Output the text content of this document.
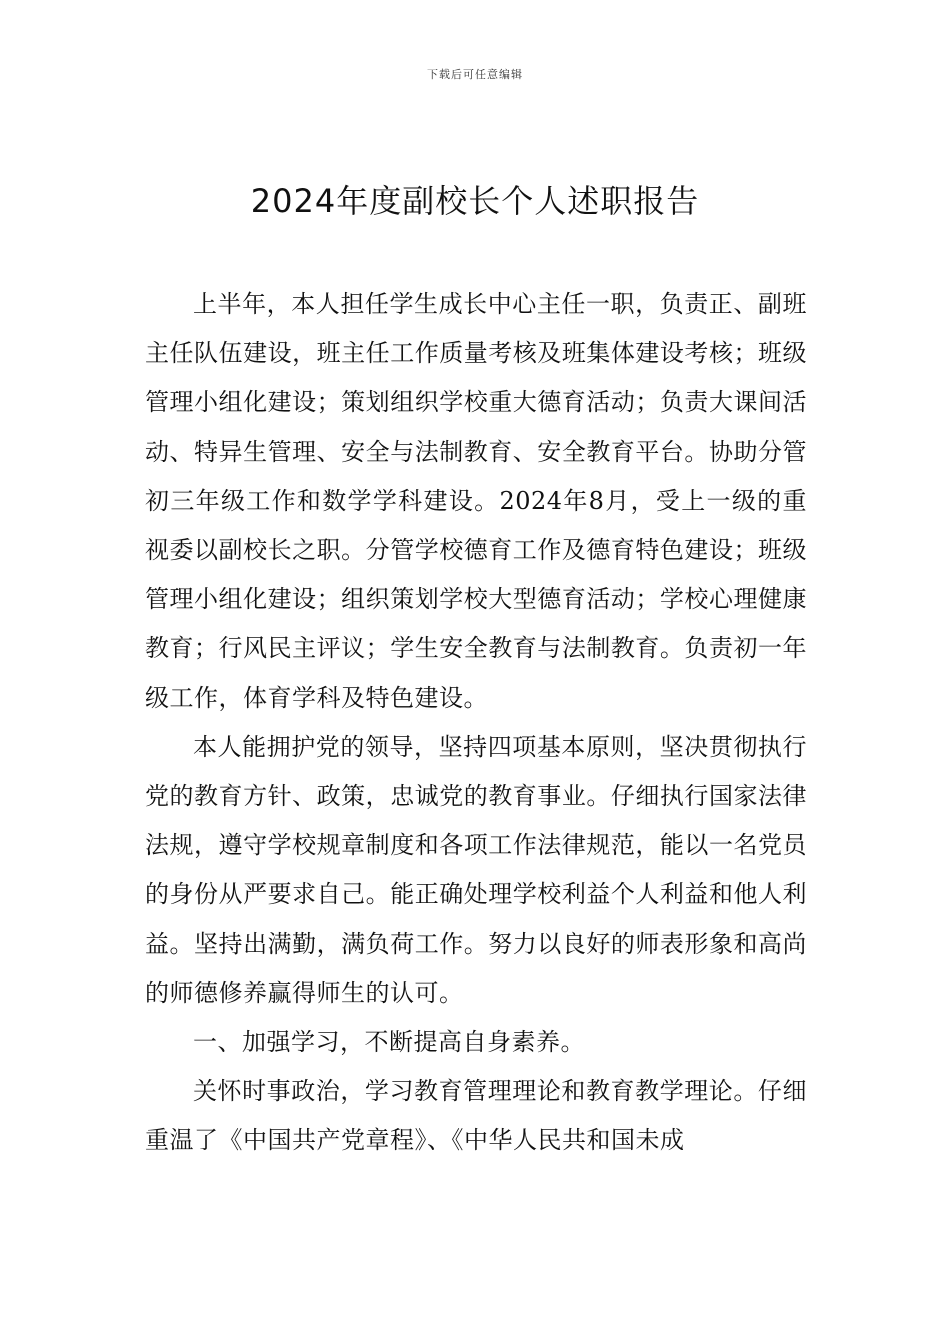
下载后可任意编辑
2024年度副校长个人述职报告

上半年，本人担任学生成长中心主任一职，负责正、副班主任队伍建设，班主任工作质量考核及班集体建设考核；班级管理小组化建设；策划组织学校重大德育活动；负责大课间活动、特异生管理、安全与法制教育、安全教育平台。协助分管初三年级工作和数学学科建设。2024年8月，受上一级的重视委以副校长之职。分管学校德育工作及德育特色建设；班级管理小组化建设；组织策划学校大型德育活动；学校心理健康教育；行风民主评议；学生安全教育与法制教育。负责初一年级工作，体育学科及特色建设。

本人能拥护党的领导，坚持四项基本原则，坚决贯彻执行党的教育方针、政策，忠诚党的教育事业。仔细执行国家法律法规，遵守学校规章制度和各项工作法律规范，能以一名党员的身份从严要求自己。能正确处理学校利益个人利益和他人利益。坚持出满勤，满负荷工作。努力以良好的师表形象和高尚的师德修养赢得师生的认可。

一、加强学习，不断提高自身素养。

关怀时事政治，学习教育管理理论和教育教学理论。仔细重温了《中国共产党章程》、《中华人民共和国未成
